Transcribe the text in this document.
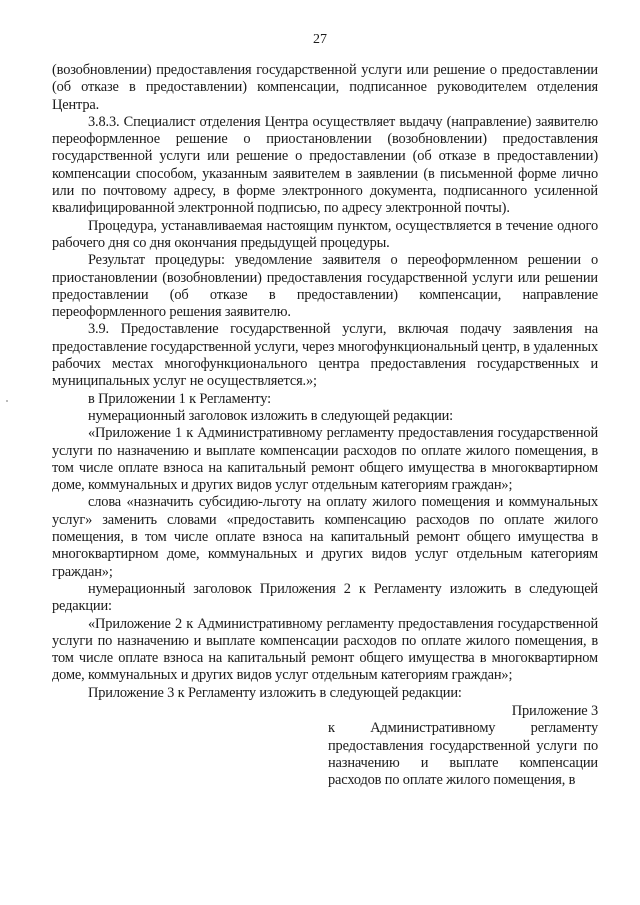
27

(возобновлении) предоставления государственной услуги или решение о предоставлении (об отказе в предоставлении) компенсации, подписанное руководителем отделения Центра.

3.8.3. Специалист отделения Центра осуществляет выдачу (направление) заявителю переоформленное решение о приостановлении (возобновлении) предоставления государственной услуги или решение о предоставлении (об отказе в предоставлении) компенсации способом, указанным заявителем в заявлении (в письменной форме лично или по почтовому адресу, в форме электронного документа, подписанного усиленной квалифицированной электронной подписью, по адресу электронной почты).

Процедура, устанавливаемая настоящим пунктом, осуществляется в течение одного рабочего дня со дня окончания предыдущей процедуры.

Результат процедуры: уведомление заявителя о переоформленном решении о приостановлении (возобновлении) предоставления государственной услуги или решении предоставлении (об отказе в предоставлении) компенсации, направление переоформленного решения заявителю.

3.9. Предоставление государственной услуги, включая подачу заявления на предоставление государственной услуги, через многофункциональный центр, в удаленных рабочих местах многофункционального центра предоставления государственных и муниципальных услуг не осуществляется.»;

в Приложении 1 к Регламенту:

нумерационный заголовок изложить в следующей редакции:

«Приложение 1 к Административному регламенту предоставления государственной услуги по назначению и выплате компенсации расходов по оплате жилого помещения, в том числе оплате взноса на капитальный ремонт общего имущества в многоквартирном доме, коммунальных и других видов услуг отдельным категориям граждан»;

слова «назначить субсидию-льготу на оплату жилого помещения и коммунальных услуг» заменить словами «предоставить компенсацию расходов по оплате жилого помещения, в том числе оплате взноса на капитальный ремонт общего имущества в многоквартирном доме, коммунальных и других видов услуг отдельным категориям граждан»;

нумерационный заголовок Приложения 2 к Регламенту изложить в следующей редакции:

«Приложение 2 к Административному регламенту предоставления государственной услуги по назначению и выплате компенсации расходов по оплате жилого помещения, в том числе оплате взноса на капитальный ремонт общего имущества в многоквартирном доме, коммунальных и других видов услуг отдельным категориям граждан»;

Приложение 3 к Регламенту изложить в следующей редакции:

Приложение 3

к Административному регламенту предоставления государственной услуги по назначению и выплате компенсации расходов по оплате жилого помещения, в
